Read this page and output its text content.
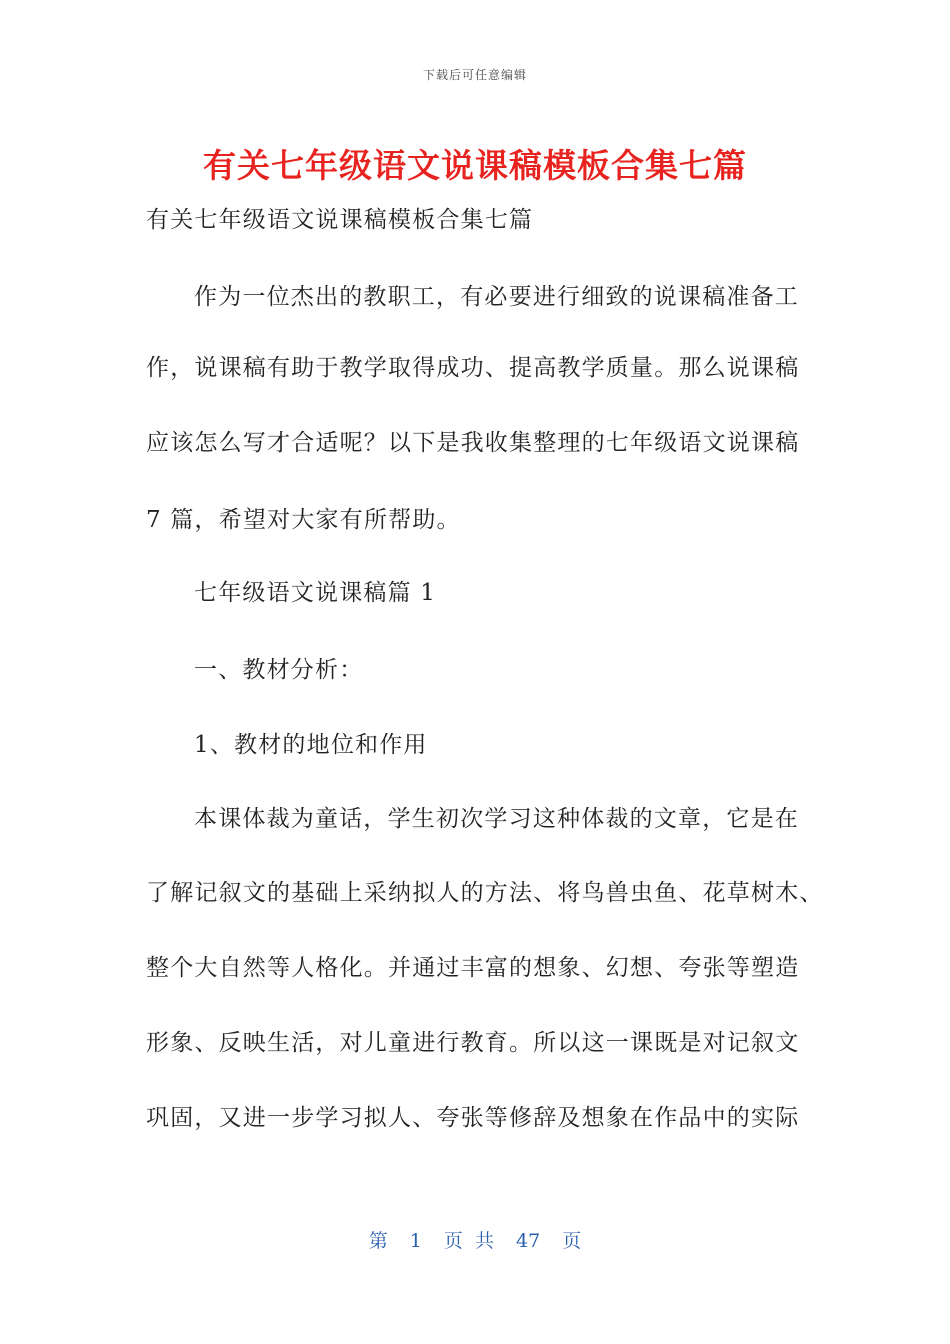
下载后可任意编辑
有关七年级语文说课稿模板合集七篇
有关七年级语文说课稿模板合集七篇
作为一位杰出的教职工，有必要进行细致的说课稿准备工
作，说课稿有助于教学取得成功、提高教学质量。那么说课稿
应该怎么写才合适呢？以下是我收集整理的七年级语文说课稿
7 篇，希望对大家有所帮助。
七年级语文说课稿篇 1
一、教材分析：
1、教材的地位和作用
本课体裁为童话，学生初次学习这种体裁的文章，它是在
了解记叙文的基础上采纳拟人的方法、将鸟兽虫鱼、花草树木、
整个大自然等人格化。并通过丰富的想象、幻想、夸张等塑造
形象、反映生活，对儿童进行教育。所以这一课既是对记叙文
巩固，又进一步学习拟人、夸张等修辞及想象在作品中的实际
第 1 页 共 47 页
